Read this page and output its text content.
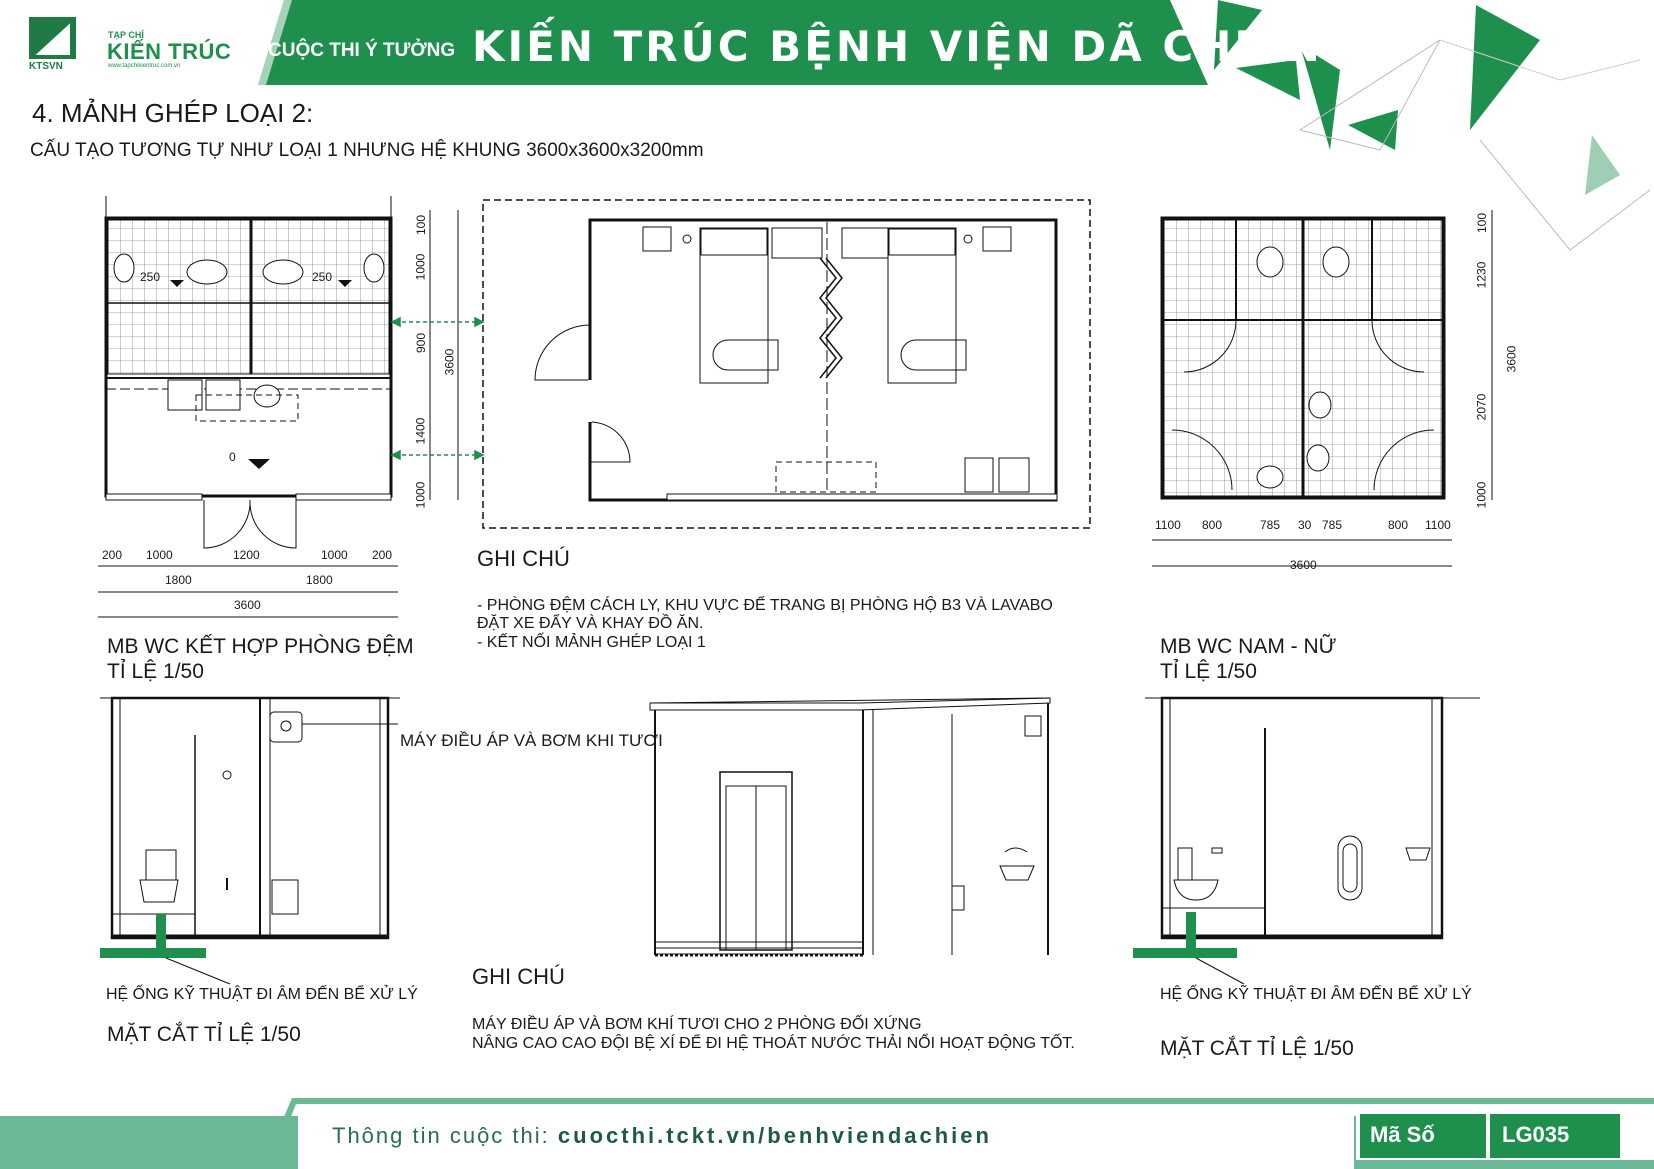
KTSVN
TẠP CHÍ
KIẾN TRÚC
www.tapchikientruc.com.vn
CUỘC THI Ý TƯỞNG KIẾN TRÚC BỆNH VIỆN DÃ CHIẾN
4. MẢNH GHÉP LOẠI 2:
CẤU TẠO TƯƠNG TỰ NHƯ LOẠI 1 NHƯNG HỆ KHUNG 3600x3600x3200mm
250	250
0
200 1000	1200	1000 200
1800	1800
3600
100
1000
900
1400
1000
3600
MB WC KẾT HỢP PHÒNG ĐỆM
TỈ LỆ 1/50
GHI CHÚ
- PHÒNG ĐỆM CÁCH LY, KHU VỰC ĐỂ TRANG BỊ PHÒNG HỘ B3 VÀ LAVABO
ĐẶT XE ĐẨY VÀ KHAY ĐỒ ĂN.
- KẾT NỐI MẢNH GHÉP LOẠI 1
1100 800	785 30 785	800 1100
3600
100
1230
2070
1000
3600
MB WC NAM - NỮ
TỈ LỆ 1/50
MÁY ĐIỀU ÁP VÀ BƠM KHI TƯƠI
HỆ ỐNG KỸ THUẬT ĐI ÂM ĐẾN BỂ XỬ LÝ
MẶT CẮT TỈ LỆ 1/50
GHI CHÚ
MÁY ĐIỀU ÁP VÀ BƠM KHÍ TƯƠI CHO 2 PHÒNG ĐỐI XỨNG
NÂNG CAO CAO ĐỘI BỆ XÍ ĐỂ ĐI HỆ THOÁT NƯỚC THẢI NỔI HOẠT ĐỘNG TỐT.
HỆ ỐNG KỸ THUẬT ĐI ÂM ĐẾN BỂ XỬ LÝ
MẶT CẮT TỈ LỆ 1/50
Thông tin cuộc thi: cuocthi.tckt.vn/benhviendachien	Mã Số	LG035
